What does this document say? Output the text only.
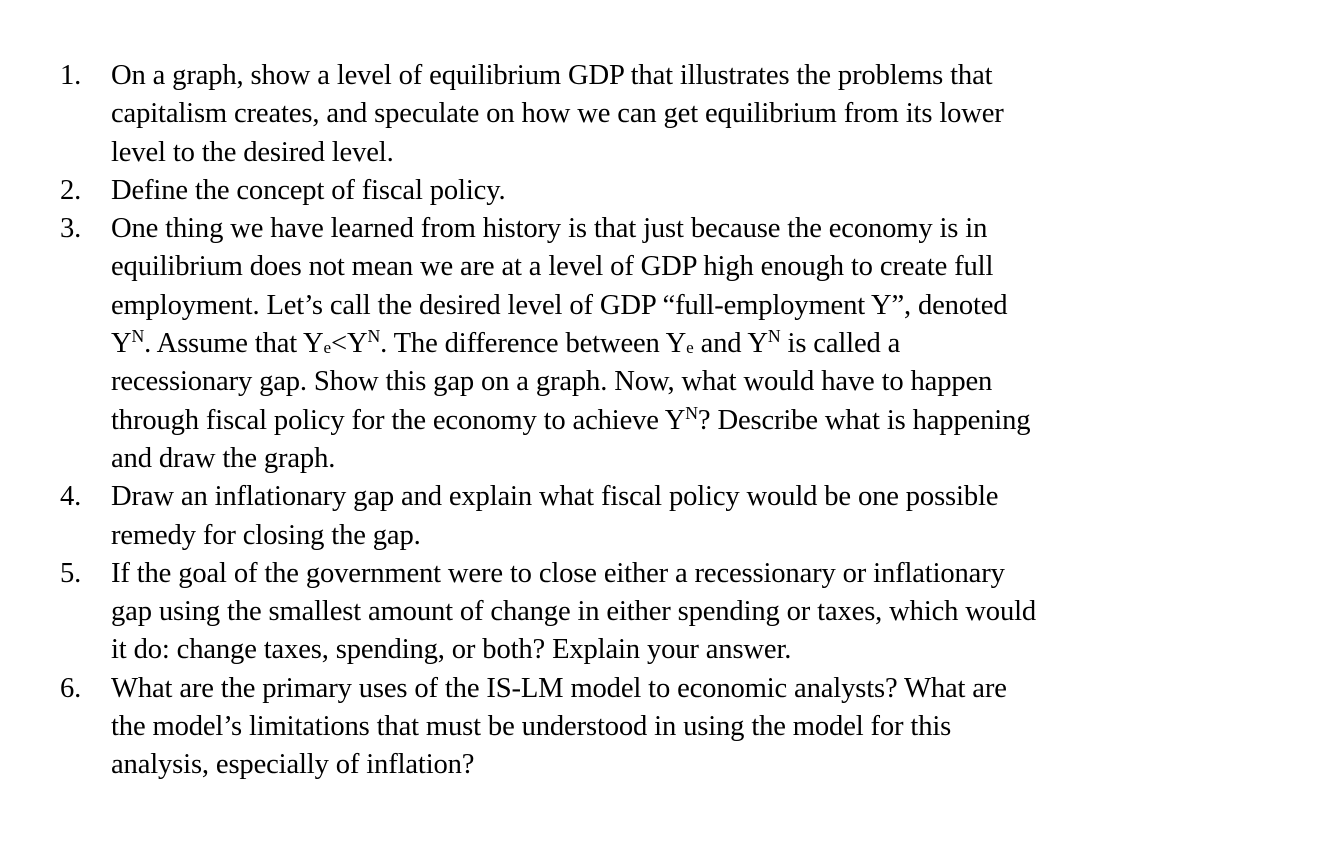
1. On a graph, show a level of equilibrium GDP that illustrates the problems that
capitalism creates, and speculate on how we can get equilibrium from its lower
level to the desired level.
2. Define the concept of fiscal policy.
3. One thing we have learned from history is that just because the economy is in
equilibrium does not mean we are at a level of GDP high enough to create full
employment. Let’s call the desired level of GDP “full-employment Y”, denoted
$Y^N$. Assume that $Y_e<Y^N$. The difference between $Y_e$ and $Y^N$ is called a
recessionary gap. Show this gap on a graph. Now, what would have to happen
through fiscal policy for the economy to achieve $Y^N$? Describe what is happening
and draw the graph.
4. Draw an inflationary gap and explain what fiscal policy would be one possible
remedy for closing the gap.
5. If the goal of the government were to close either a recessionary or inflationary
gap using the smallest amount of change in either spending or taxes, which would
it do: change taxes, spending, or both? Explain your answer.
6. What are the primary uses of the IS-LM model to economic analysts? What are
the model’s limitations that must be understood in using the model for this
analysis, especially of inflation?
